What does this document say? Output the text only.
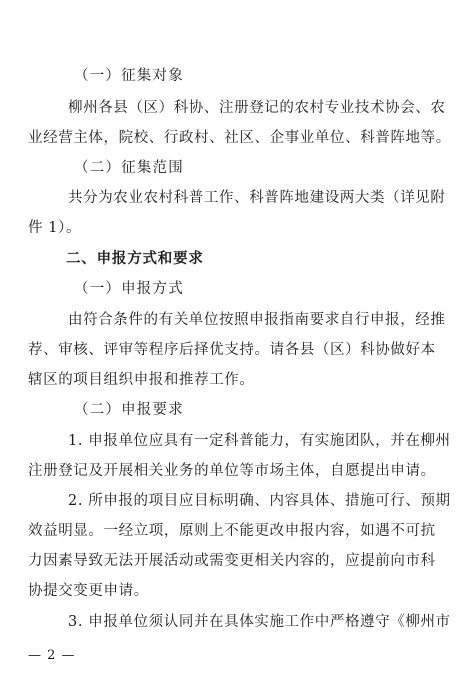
（一）征集对象
柳州各县（区）科协、注册登记的农村专业技术协会、农
业经营主体，院校、行政村、社区、企事业单位、科普阵地等。
（二）征集范围
共分为农业农村科普工作、科普阵地建设两大类（详见附
件 1）。
二、申报方式和要求
（一）申报方式
由符合条件的有关单位按照申报指南要求自行申报，经推
荐、审核、评审等程序后择优支持。请各县（区）科协做好本
辖区的项目组织申报和推荐工作。
（二）申报要求
1. 申报单位应具有一定科普能力，有实施团队，并在柳州
注册登记及开展相关业务的单位等市场主体，自愿提出申请。
2. 所申报的项目应目标明确、内容具体、措施可行、预期
效益明显。一经立项，原则上不能更改申报内容，如遇不可抗
力因素导致无法开展活动或需变更相关内容的，应提前向市科
协提交变更申请。
3. 申报单位须认同并在具体实施工作中严格遵守《柳州市
— 2 —
